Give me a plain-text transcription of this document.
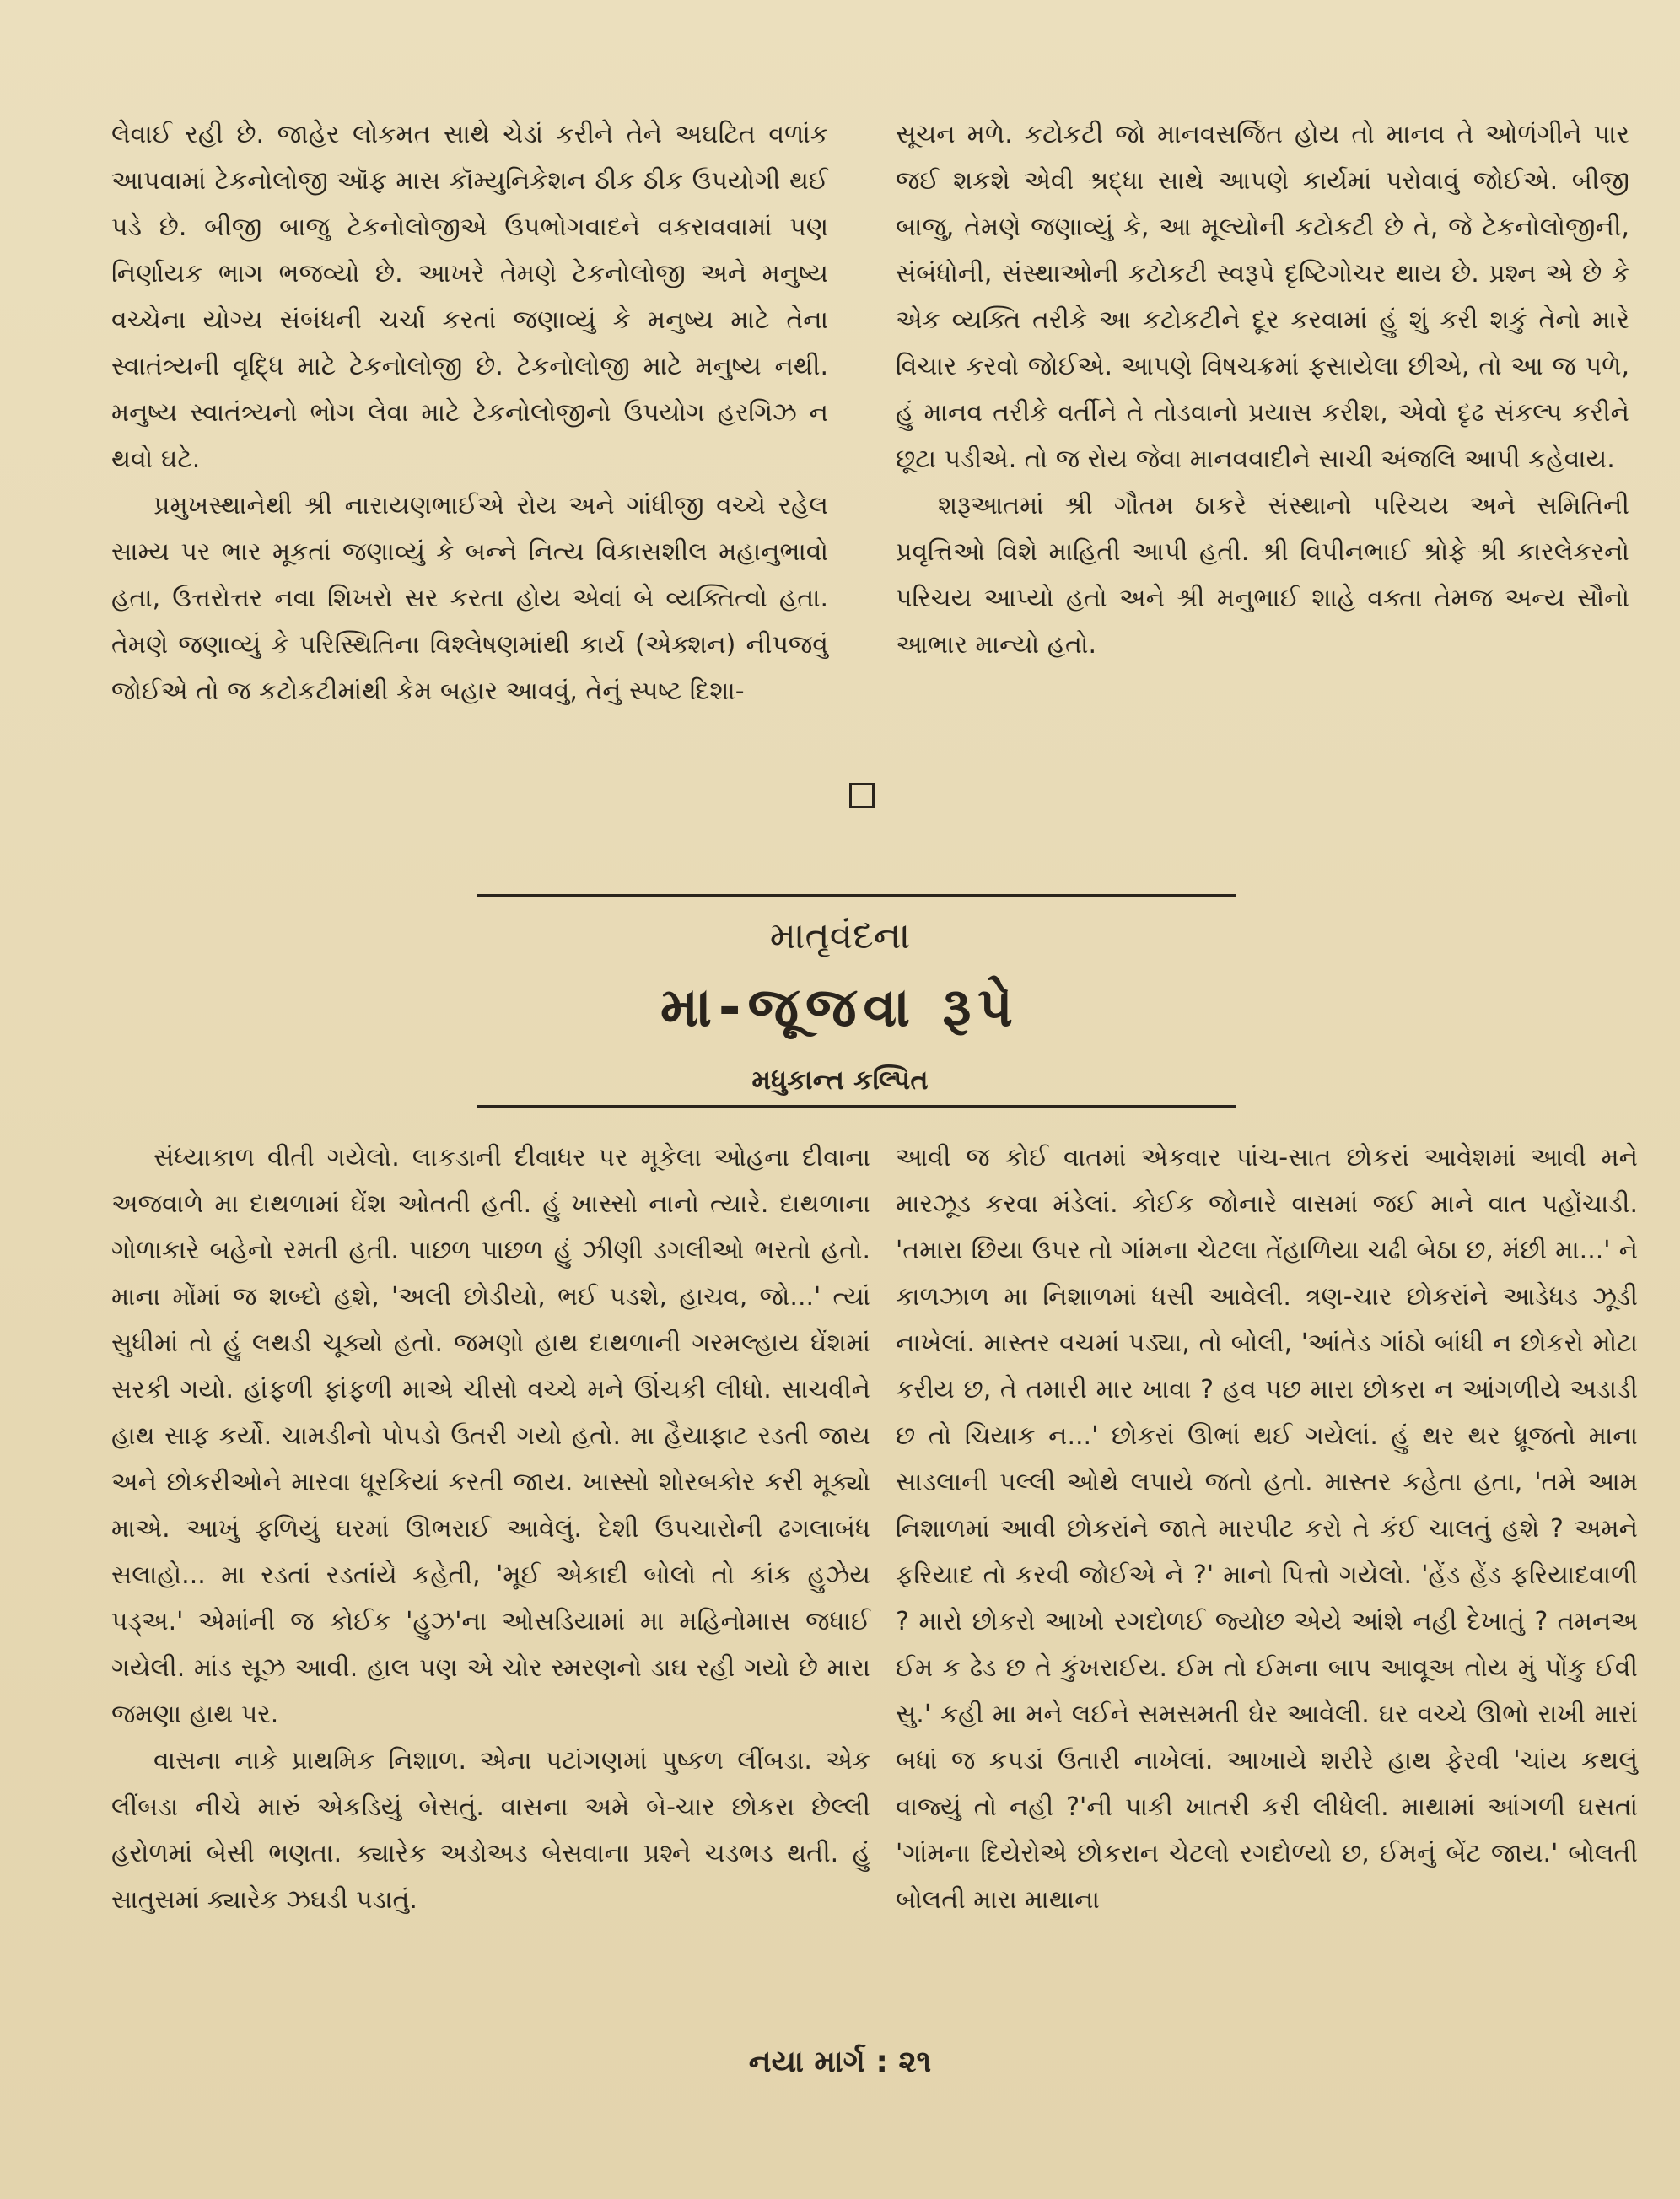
લેવાઈ રહી છે. જાહેર લોકમત સાથે ચેડાં કરીને તેને અઘટિત વળાંક આપવામાં ટેકનોલોજી ઑફ માસ કૉમ્યુનિકેશન ઠીક ઠીક ઉપયોગી થઈ પડે છે. બીજી બાજુ ટેકનોલોજીએ ઉપભોગવાદને વકરાવવામાં પણ નિર્ણાયક ભાગ ભજવ્યો છે. આખરે તેમણે ટેકનોલોજી અને મનુષ્ય વચ્ચેના યોગ્ય સંબંધની ચર્ચા કરતાં જણાવ્યું કે મનુષ્ય માટે તેના સ્વાતંત્ર્યની વૃદ્ધિ માટે ટેકનોલોજી છે. ટેકનોલોજી માટે મનુષ્ય નથી. મનુષ્ય સ્વાતંત્ર્યનો ભોગ લેવા માટે ટેકનોલોજીનો ઉપયોગ હરગિઝ ન થવો ઘટે.

પ્રમુખસ્થાનેથી શ્રી નારાયણભાઈએ રોય અને ગાંધીજી વચ્ચે રહેલ સામ્ય પર ભાર મૂકતાં જણાવ્યું કે બન્ને નિત્ય વિકાસશીલ મહાનુભાવો હતા, ઉત્તરોત્તર નવા શિખરો સર કરતા હોય એવાં બે વ્યક્તિત્વો હતા. તેમણે જણાવ્યું કે પરિસ્થિતિના વિશ્લેષણમાંથી કાર્ય (એક્શન) નીપજવું જોઈએ તો જ કટોકટીમાંથી કેમ બહાર આવવું, તેનું સ્પષ્ટ દિશા-

સૂચન મળે. કટોકટી જો માનવસર્જિત હોય તો માનવ તે ઓળંગીને પાર જઈ શકશે એવી શ્રદ્ધા સાથે આપણે કાર્યમાં પરોવાવું જોઈએ. બીજી બાજુ, તેમણે જણાવ્યું કે, આ મૂલ્યોની કટોકટી છે તે, જે ટેકનોલોજીની, સંબંધોની, સંસ્થાઓની કટોકટી સ્વરૂપે દૃષ્ટિગોચર થાય છે. પ્રશ્ન એ છે કે એક વ્યક્તિ તરીકે આ કટોકટીને દૂર કરવામાં હું શું કરી શકું તેનો મારે વિચાર કરવો જોઈએ. આપણે વિષચક્રમાં ફસાયેલા છીએ, તો આ જ પળે, હું માનવ તરીકે વર્તીને તે તોડવાનો પ્રયાસ કરીશ, એવો દૃઢ સંકલ્પ કરીને છૂટા પડીએ. તો જ રોય જેવા માનવવાદીને સાચી અંજલિ આપી કહેવાય.

શરૂઆતમાં શ્રી ગૌતમ ઠાકરે સંસ્થાનો પરિચય અને સમિતિની પ્રવૃત્તિઓ વિશે માહિતી આપી હતી. શ્રી વિપીનભાઈ શ્રોફે શ્રી કારલેકરનો પરિચય આપ્યો હતો અને શ્રી મનુભાઈ શાહે વક્તા તેમજ અન્ય સૌનો આભાર માન્યો હતો.

માતૃવંદના
મા-જૂજવા રૂપે
મધુકાન્ત કલ્પિત

સંધ્યાકાળ વીતી ગયેલો. લાકડાની દીવાધર પર મૂકેલા ઓહના દીવાના અજવાળે મા દાથળામાં ઘેંશ ઓતતી હતી. હું ખાસ્સો નાનો ત્યારે. દાથળાના ગોળાકારે બહેનો રમતી હતી. પાછળ પાછળ હું ઝીણી ડગલીઓ ભરતો હતો. માના મોંમાં જ શબ્દો હશે, 'અલી છોડીયો, ભઈ પડશે, હાચવ, જો...' ત્યાં સુધીમાં તો હું લથડી ચૂક્યો હતો. જમણો હાથ દાથળાની ગરમલ્હાય ઘેંશમાં સરકી ગયો. હાંફળી ફાંફળી માએ ચીસો વચ્ચે મને ઊંચકી લીધો. સાચવીને હાથ સાફ કર્યો. ચામડીનો પોપડો ઉતરી ગયો હતો. મા હૈયાફાટ રડતી જાય અને છોકરીઓને મારવા ધૂરકિયાં કરતી જાય. ખાસ્સો શોરબકોર કરી મૂક્યો માએ. આખું ફળિયું ઘરમાં ઊભરાઈ આવેલું. દેશી ઉપચારોની ઢગલાબંધ સલાહો... મા રડતાં રડતાંયે કહેતી, 'મૂઈ એકાદી બોલો તો કાંક હુઝેય પડ્અ.' એમાંની જ કોઈક 'હુઝ'ના ઓસડિયામાં મા મહિનોમાસ જધાઈ ગયેલી. માંડ સૂઝ આવી. હાલ પણ એ ચોર સ્મરણનો ડાઘ રહી ગયો છે મારા જમણા હાથ પર.

વાસના નાકે પ્રાથમિક નિશાળ. એના પટાંગણમાં પુષ્કળ લીંબડા. એક લીંબડા નીચે મારું એકડિયું બેસતું. વાસના અમે બે-ચાર છોકરા છેલ્લી હરોળમાં બેસી ભણતા. ક્યારેક અડોઅડ બેસવાના પ્રશ્ને ચડભડ થતી. હું સાતુસમાં ક્યારેક ઝઘડી પડાતું.

આવી જ કોઈ વાતમાં એકવાર પાંચ-સાત છોકરાં આવેશમાં આવી મને મારઝૂડ કરવા મંડેલાં. કોઈક જોનારે વાસમાં જઈ માને વાત પહોંચાડી. 'તમારા છિયા ઉપર તો ગાંમના ચેટલા તેંહાળિયા ચઢી બેઠા છ, મંછી મા...' ને કાળઝાળ મા નિશાળમાં ધસી આવેલી. ત્રણ-ચાર છોકરાંને આડેધડ ઝૂડી નાખેલાં. માસ્તર વચમાં પડ્યા, તો બોલી, 'આંતેડ ગાંઠો બાંધી ન છોકરો મોટા કરીય છ, તે તમારી માર ખાવા ? હવ પછ મારા છોકરા ન આંગળીયે અડાડી છ તો ચિયાક ન...' છોકરાં ઊભાં થઈ ગયેલાં. હું થર થર ધ્રૂજતો માના સાડલાની પલ્લી ઓથે લપાયે જતો હતો. માસ્તર કહેતા હતા, 'તમે આમ નિશાળમાં આવી છોકરાંને જાતે મારપીટ કરો તે કંઈ ચાલતું હશે ? અમને ફરિયાદ તો કરવી જોઈએ ને ?' માનો પિત્તો ગયેલો. 'હેંડ હેંડ ફરિયાદવાળી ? મારો છોકરો આખો રગદોળઈ જ્યોછ એયે આંશે નહી દેખાતું ? તમનઅ ઈમ ક ઢેડ છ તે કુંખરાઈય. ઈમ તો ઈમના બાપ આવૂઅ તોય મું પોંકુ ઈવી સુ.' કહી મા મને લઈને સમસમતી ઘેર આવેલી. ઘર વચ્ચે ઊભો રાખી મારાં બધાં જ કપડાં ઉતારી નાખેલાં. આખાયે શરીરે હાથ ફેરવી 'ચાંય કથલું વાજ્યું તો નહી ?'ની પાકી ખાતરી કરી લીધેલી. માથામાં આંગળી ઘસતાં 'ગાંમના દિયેરોએ છોકરાન ચેટલો રગદોળ્યો છ, ઈમનું બેંટ જાય.' બોલતી બોલતી મારા માથાના

નયા માર્ગ : ૨૧
